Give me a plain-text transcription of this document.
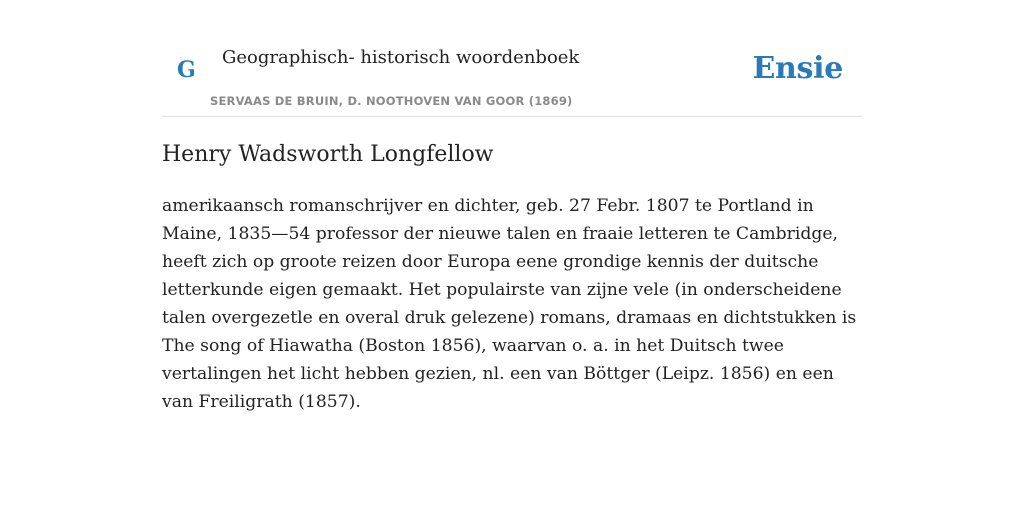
G Geographisch- historisch woordenboek
SERVAAS DE BRUIN, D. NOOTHOVEN VAN GOOR (1869)
Ensie
Henry Wadsworth Longfellow

amerikaansch romanschrijver en dichter, geb. 27 Febr. 1807 te Portland in Maine, 1835—54 professor der nieuwe talen en fraaie letteren te Cambridge, heeft zich op groote reizen door Europa eene grondige kennis der duitsche letterkunde eigen gemaakt. Het populairste van zijne vele (in onderscheidene talen overgezetle en overal druk gelezene) romans, dramaas en dichtstukken is The song of Hiawatha (Boston 1856), waarvan o. a. in het Duitsch twee vertalingen het licht hebben gezien, nl. een van Böttger (Leipz. 1856) en een van Freiligrath (1857).
